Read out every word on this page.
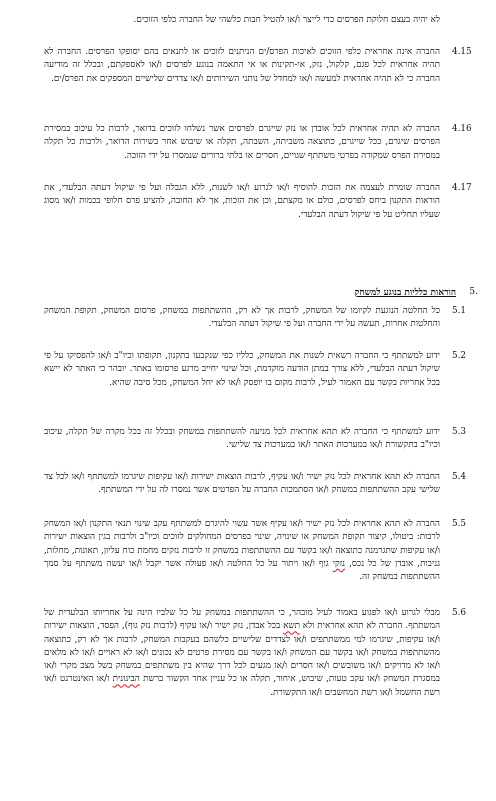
לא יהיה בעצם חלוקת הפרסים כדי לייצר ו/או להטיל חבות כלשהי של החברה כלפי הזוכים.
4.15
החברה אינה אחראית כלפי הזוכים לאיכות הפרס/ים הניתנים לזוכים או לתנאים בהם יסופקו הפרסים. החברה לא תהיה אחראית לכל פגם, קלקול, נזק, אי-תקינות או אי התאמה בנוגע לפרסים ו/או לאספקתם, ובכלל זה מודיעה החברה כי לא תהיה אחראית למעשה ו/או למחדל של נותני השירותים ו/או צדדים שלישיים המספקים את הפרס/ים.
4.16
החברה לא תהיה אחראית לכל אובדן או נזק שייגרם לפרסים אשר נשלחו לזוכים בדואר, לרבות כל עיכוב במסירת הפרסים שיגרם, ככל שייגרם, כתוצאה משביתה, השבתה, תקלה או שיבוש אחר בשירות הדואר, ולרבות כל תקלה במסירת הפרס שמקורה בפרטי משתתף שגויים, חסרים או בלתי ברורים שנמסרו על ידי הזוכה.
4.17
החברה שומרת לעצמה את הזכות להוסיף ו/או לגרוע ו/או לשנות, ללא הגבלה ועל פי שיקול דעתה הבלעדי, את הוראות התקנון ביחס לפרסים, כולם או מקצתם, וכן את הזכות, אך לא החובה, להציע פרס חלופי בכמות ו/או מסוג שעליו תחליט על פי שיקול דעתה הבלעדי.
הוראות כלליות בנוגע למשחק 5.
5.1
כל החלטה הנוגעת לקיומו של המשחק, לרבות אך לא רק, ההשתתפות במשחק, פרסום המשחק, תקופת המשחק והחלטות אחרות, תעשה על ידי החברה ועל פי שיקול דעתה הבלעדי.
5.2
ידוע למשתתף כי החברה רשאית לשנות את המשחק, כלליו כפי שנקבעו בתקנון, תקופתו וכיו"ב ו/או להפסיקו על פי שיקול דעתה הבלעדי, ללא צורך במתן הודעה מוקדמת, וכל שינוי יחייב מרגע פרסומו באתר. יובהר כי האתר לא יישא בכל אחריות בקשר עם האמור לעיל, לרבות מקום בו יופסק ו/או לא יחל המשחק, מכל סיבה שהיא.
5.3
ידוע למשתתף כי החברה לא תהא אחראית לכל מניעה להשתתפות במשחק ובכלל זה בכל מקרה של תקלה, עיכוב וכיו"ב בתקשורת ו/או במערכות האתר ו/או במערכות צד שלישי.
5.4
החברה לא תהא אחראית לכל נזק ישיר ו/או עקיף, לרבות הוצאות ישירות ו/או עקיפות שיגרמו למשתתף ו/או לכל צד שלישי עקב ההשתתפות במשחק ו/או הסתמכות החברה על הפרטים אשר נמסרו לה על ידי המשתתף.
5.5
החברה לא תהא אחראית לכל נזק ישיר ו/או עקיף אשר עשוי להיגרם למשתתף עקב שינוי תנאי התקנון ו/או המשחק לרבות: ביטולו, קיצור תקופת המשחק או שינויה, שינוי בפרסים המחולקים לזוכים וכיו"ב ולרבות בגין הוצאות ישירות ו/או עקיפות שתגרמנה כתוצאה ו/או בקשר עם ההשתתפות במשחק זו לרבות נזקים מחמת כוח עליון, תאונות, מחלות, גניבות, אובדן של כל נכס, נזקי גוף ו/או ויתור על כל החלטה ו/או פעולה אשר יקבל ו/או יעשה משתתף על סמך ההשתתפות במשחק זה.
5.6
מבלי לגרוע ו/או לפגוע באמור לעיל מובהר, כי ההשתתפות במשחק על כל שלביו הינה על אחריותו הבלעדית של המשתתף. החברה לא תהא אחראית ולא תשא בכל אבדן, נזק ישיר ו/או עקיף (לרבות נזק גוף), הפסד, הוצאות ישירות ו/או עקיפות, שיגרמו למי ממשתתפים ו/או לצדדים שלישיים כלשהם בעקבות המשחק, לרבות אך לא רק, כתוצאה מהשתתפות במשחק ו/או בקשר עם המשחק ו/או בקשר עם מסירת פרטים לא נכונים ו/או לא ראויים ו/או לא מלאים ו/או לא מדויקים ו/או משובשים ו/או חסרים ו/או מגעים לכל דרך שהיא בין משתתפים במשחק בשל מצב מקרי ו/או במסגרת המשחק ו/או עקב טעות, שיבוש, איחור, תקלה או כל עניין אחר הקשור ברשת הבינונית ו/או האינטרנט ו/או רשת החשמל ו/או רשת המחשבים ו/או התקשורת.
